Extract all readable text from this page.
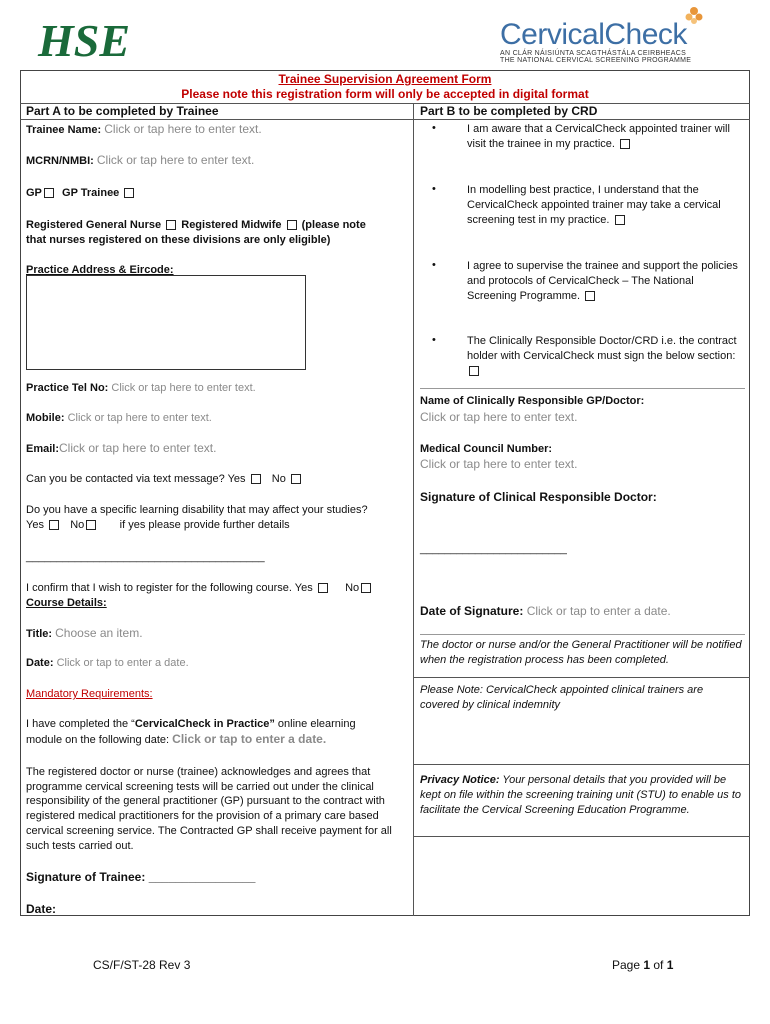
HSE	CervicalCheck
AN CLÁR NÁISIÚNTA SCAGTHÁSTÁLA CEIRBHEACS
THE NATIONAL CERVICAL SCREENING PROGRAMME
Trainee Supervision Agreement Form
Please note this registration form will only be accepted in digital format
Part A to be completed by Trainee	Part B to be completed by CRD
Trainee Name: Click or tap here to enter text.
MCRN/NMBI: Click or tap here to enter text.
GP GP Trainee
Registered General Nurse Registered Midwife (please note
that nurses registered on these divisions are only eligible)
Practice Address & Eircode:
Practice Tel No: Click or tap here to enter text.
Mobile: Click or tap here to enter text.
Email:Click or tap here to enter text.
Can you be contacted via text message? Yes No
Do you have a specific learning disability that may affect your studies?
Yes No	if yes please provide further details
_______________________________________
I confirm that I wish to register for the following course. Yes	No
Course Details:
Title: Choose an item.
Date: Click or tap to enter a date.
Mandatory Requirements:
I have completed the “CervicalCheck in Practice” online elearning
module on the following date: Click or tap to enter a date.
The registered doctor or nurse (trainee) acknowledges and agrees that programme cervical screening tests will be carried out under the clinical responsibility of the general practitioner (GP) pursuant to the contract with registered medical practitioners for the provision of a primary care based cervical screening service. The Contracted GP shall receive payment for all such tests carried out.
Signature of Trainee: ________________
Date:
•	I am aware that a CervicalCheck appointed trainer will visit the trainee in my practice.
•	In modelling best practice, I understand that the CervicalCheck appointed trainer may take a cervical screening test in my practice.
•	I agree to supervise the trainee and support the policies and protocols of CervicalCheck – The National Screening Programme.
•	The Clinically Responsible Doctor/CRD i.e. the contract holder with CervicalCheck must sign the below section:
Name of Clinically Responsible GP/Doctor:
Click or tap here to enter text.
Medical Council Number:
Click or tap here to enter text.
Signature of Clinical Responsible Doctor:
________________________
Date of Signature: Click or tap to enter a date.
The doctor or nurse and/or the General Practitioner will be notified when the registration process has been completed.
Please Note: CervicalCheck appointed clinical trainers are covered by clinical indemnity
Privacy Notice: Your personal details that you provided will be kept on file within the screening training unit (STU) to enable us to facilitate the Cervical Screening Education Programme.
CS/F/ST-28 Rev 3	Page 1 of 1
